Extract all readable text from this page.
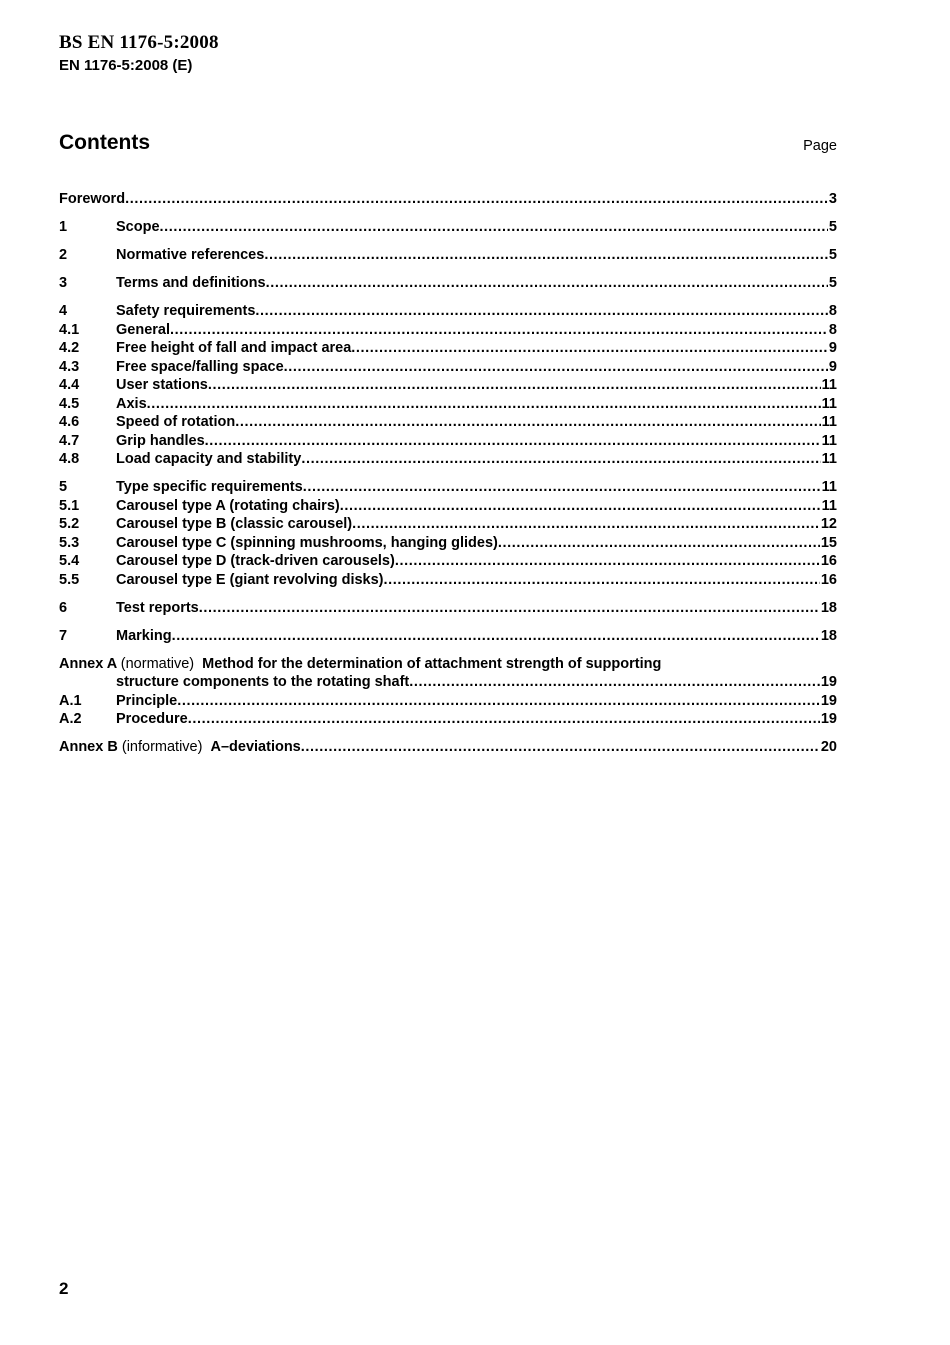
BS EN 1176-5:2008
EN 1176-5:2008 (E)
Contents	Page
Foreword .....	3
1	Scope .....	5
2	Normative references .....	5
3	Terms and definitions .....	5
4	Safety requirements .....	8
4.1	General .....	8
4.2	Free height of fall and impact area .....	9
4.3	Free space/falling space .....	9
4.4	User stations .....	11
4.5	Axis .....	11
4.6	Speed of rotation .....	11
4.7	Grip handles .....	11
4.8	Load capacity and stability .....	11
5	Type specific requirements .....	11
5.1	Carousel type A (rotating chairs) .....	11
5.2	Carousel type B (classic carousel) .....	12
5.3	Carousel type C (spinning mushrooms, hanging glides) .....	15
5.4	Carousel type D (track-driven carousels) .....	16
5.5	Carousel type E (giant revolving disks) .....	16
6	Test reports .....	18
7	Marking .....	18
Annex A (normative) Method for the determination of attachment strength of supporting
structure components to the rotating shaft .....	19
A.1	Principle .....	19
A.2	Procedure .....	19
Annex B
(informative)
A–deviations .....	20
2
